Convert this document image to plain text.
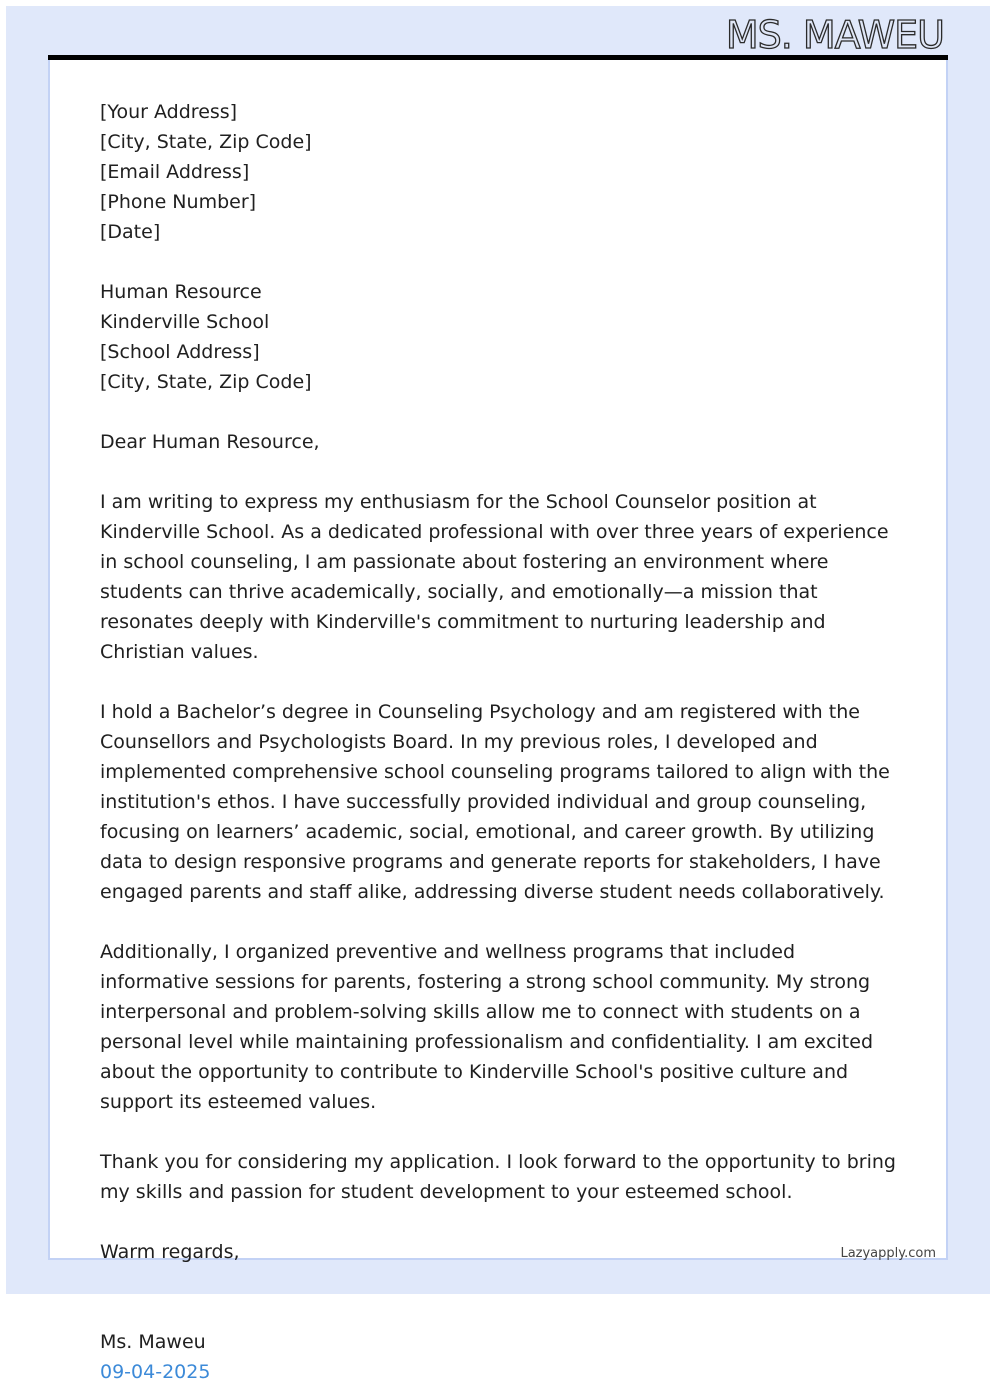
MS. MAWEU
[Your Address]
[City, State, Zip Code]
[Email Address]
[Phone Number]
[Date]
Human Resource
Kinderville School
[School Address]
[City, State, Zip Code]

Dear Human Resource,

I am writing to express my enthusiasm for the School Counselor position at Kinderville School. As a dedicated professional with over three years of experience in school counseling, I am passionate about fostering an environment where students can thrive academically, socially, and emotionally—a mission that resonates deeply with Kinderville's commitment to nurturing leadership and Christian values.

I hold a Bachelor’s degree in Counseling Psychology and am registered with the Counsellors and Psychologists Board. In my previous roles, I developed and implemented comprehensive school counseling programs tailored to align with the institution's ethos. I have successfully provided individual and group counseling, focusing on learners’ academic, social, emotional, and career growth. By utilizing data to design responsive programs and generate reports for stakeholders, I have engaged parents and staff alike, addressing diverse student needs collaboratively.

Additionally, I organized preventive and wellness programs that included informative sessions for parents, fostering a strong school community. My strong interpersonal and problem-solving skills allow me to connect with students on a personal level while maintaining professionalism and confidentiality. I am excited about the opportunity to contribute to Kinderville School's positive culture and support its esteemed values.

Thank you for considering my application. I look forward to the opportunity to bring my skills and passion for student development to your esteemed school.

Warm regards,

Ms. Maweu

09-04-2025

Lazyapply.com
